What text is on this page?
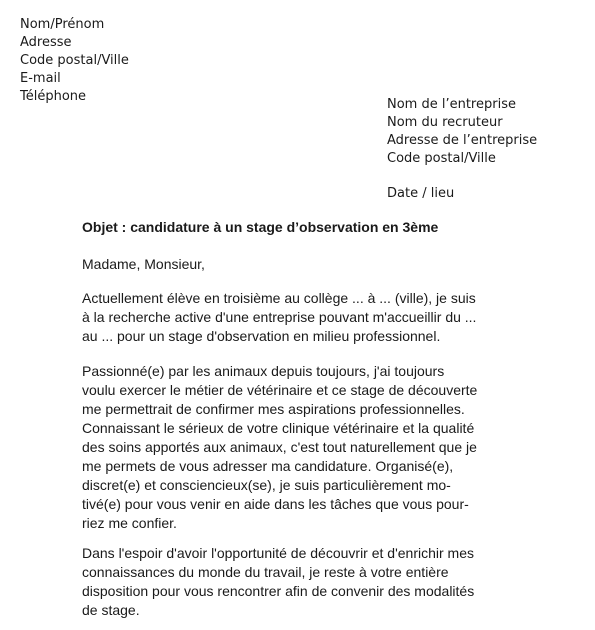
Nom/Prénom
Adresse
Code postal/Ville
E-mail
Téléphone
Nom de l’entreprise
Nom du recruteur
Adresse de l’entreprise
Code postal/Ville
Date / lieu
Objet : candidature à un stage d’observation en 3ème
Madame, Monsieur,
Actuellement élève en troisième au collège ... à ... (ville), je suis
à la recherche active d'une entreprise pouvant m'accueillir du ...
au ... pour un stage d'observation en milieu professionnel.
Passionné(e) par les animaux depuis toujours, j'ai toujours
voulu exercer le métier de vétérinaire et ce stage de découverte
me permettrait de confirmer mes aspirations professionnelles.
Connaissant le sérieux de votre clinique vétérinaire et la qualité
des soins apportés aux animaux, c'est tout naturellement que je
me permets de vous adresser ma candidature. Organisé(e),
discret(e) et consciencieux(se), je suis particulièrement mo-
tivé(e) pour vous venir en aide dans les tâches que vous pour-
riez me confier.
Dans l'espoir d'avoir l'opportunité de découvrir et d'enrichir mes
connaissances du monde du travail, je reste à votre entière
disposition pour vous rencontrer afin de convenir des modalités
de stage.
